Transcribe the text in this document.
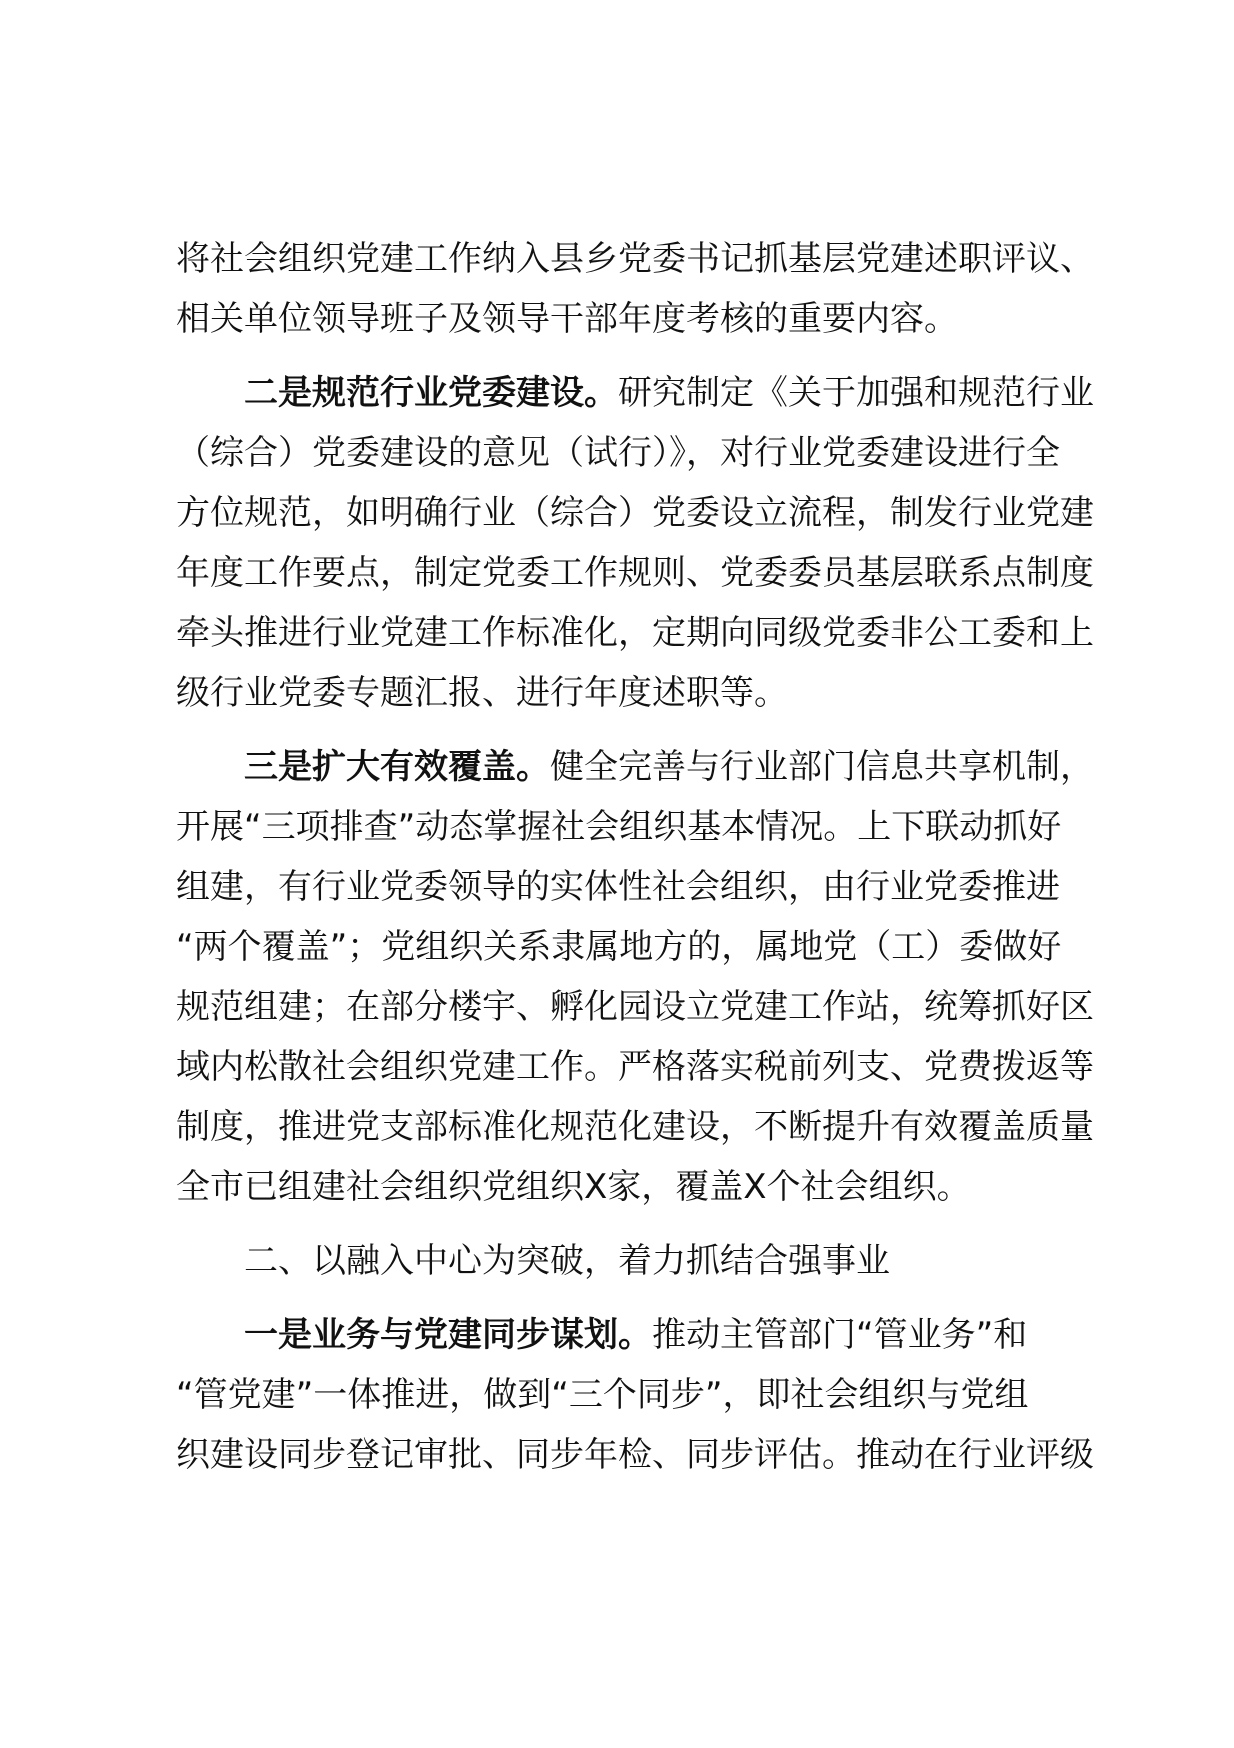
将社会组织党建工作纳入县乡党委书记抓基层党建述职评议、
相关单位领导班子及领导干部年度考核的重要内容。
二是规范行业党委建设。研究制定《关于加强和规范行业
（综合）党委建设的意见（试行）》，对行业党委建设进行全
方位规范，如明确行业（综合）党委设立流程，制发行业党建
年度工作要点，制定党委工作规则、党委委员基层联系点制度
牵头推进行业党建工作标准化，定期向同级党委非公工委和上
级行业党委专题汇报、进行年度述职等。
三是扩大有效覆盖。健全完善与行业部门信息共享机制，
开展“三项排查”动态掌握社会组织基本情况。上下联动抓好
组建，有行业党委领导的实体性社会组织，由行业党委推进
“两个覆盖”；党组织关系隶属地方的，属地党（工）委做好
规范组建；在部分楼宇、孵化园设立党建工作站，统筹抓好区
域内松散社会组织党建工作。严格落实税前列支、党费拨返等
制度，推进党支部标准化规范化建设，不断提升有效覆盖质量
全市已组建社会组织党组织X家，覆盖X个社会组织。
二、以融入中心为突破，着力抓结合强事业
一是业务与党建同步谋划。推动主管部门“管业务”和
“管党建”一体推进，做到“三个同步”，即社会组织与党组
织建设同步登记审批、同步年检、同步评估。推动在行业评级
